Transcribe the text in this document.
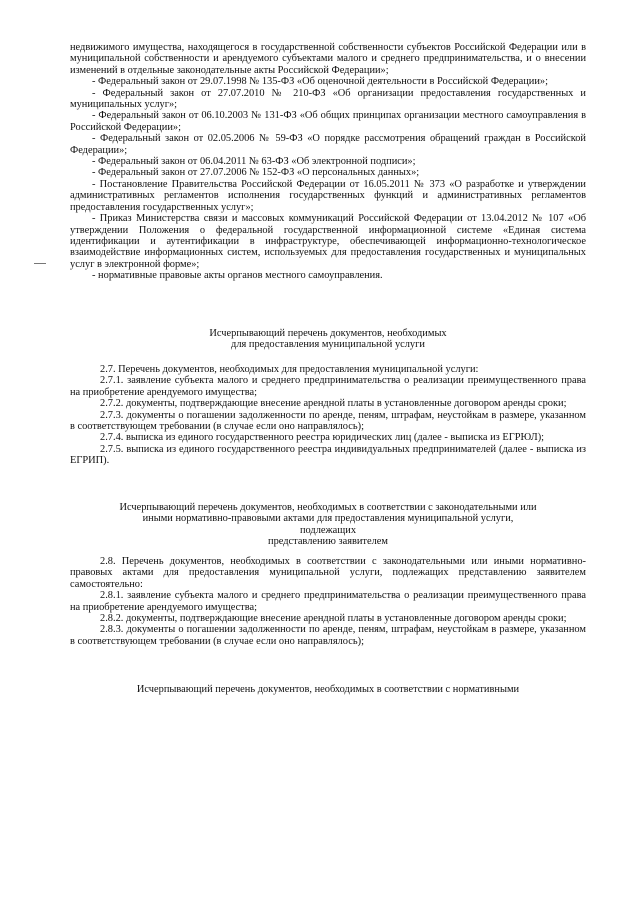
недвижимого имущества, находящегося в государственной собственности субъектов Российской Федерации или в муниципальной собственности и арендуемого субъектами малого и среднего предпринимательства, и о внесении изменений в отдельные законодательные акты Российской Федерации»;

- Федеральный закон от 29.07.1998 № 135-ФЗ «Об оценочной деятельности в Российской Федерации»;

- Федеральный закон от 27.07.2010 № 210-ФЗ «Об организации предоставления государственных и муниципальных услуг»;

- Федеральный закон от 06.10.2003 № 131-ФЗ «Об общих принципах организации местного самоуправления в Российской Федерации»;

- Федеральный закон от 02.05.2006 № 59-ФЗ «О порядке рассмотрения обращений граждан в Российской Федерации»;

- Федеральный закон от 06.04.2011 № 63-ФЗ «Об электронной подписи»;

- Федеральный закон от 27.07.2006 № 152-ФЗ «О персональных данных»;

- Постановление Правительства Российской Федерации от 16.05.2011 № 373 «О разработке и утверждении административных регламентов исполнения государственных функций и административных регламентов предоставления государственных услуг»;

- Приказ Министерства связи и массовых коммуникаций Российской Федерации от 13.04.2012 № 107 «Об утверждении Положения о федеральной государственной информационной системе «Единая система идентификации и аутентификации в инфраструктуре, обеспечивающей информационно-технологическое взаимодействие информационных систем, используемых для предоставления государственных и муниципальных услуг в электронной форме»;

- нормативные правовые акты органов местного самоуправления.

Исчерпывающий перечень документов, необходимых

для предоставления муниципальной услуги

2.7. Перечень документов, необходимых для предоставления муниципальной услуги:

2.7.1. заявление субъекта малого и среднего предпринимательства о реализации преимущественного права на приобретение арендуемого имущества;

2.7.2. документы, подтверждающие внесение арендной платы в установленные договором аренды сроки;

2.7.3. документы о погашении задолженности по аренде, пеням, штрафам, неустойкам в размере, указанном в соответствующем требовании (в случае если оно направлялось);

2.7.4. выписка из единого государственного реестра юридических лиц (далее - выписка из ЕГРЮЛ);

2.7.5. выписка из единого государственного реестра индивидуальных предпринимателей (далее - выписка из ЕГРИП).

Исчерпывающий перечень документов, необходимых в соответствии с законодательными или

иными нормативно-правовыми актами для предоставления муниципальной услуги,

подлежащих

представлению заявителем

2.8. Перечень документов, необходимых в соответствии с законодательными или иными нормативно-правовых актами для предоставления муниципальной услуги, подлежащих представлению заявителем самостоятельно:

2.8.1. заявление субъекта малого и среднего предпринимательства о реализации преимущественного права на приобретение арендуемого имущества;

2.8.2. документы, подтверждающие внесение арендной платы в установленные договором аренды сроки;

2.8.3. документы о погашении задолженности по аренде, пеням, штрафам, неустойкам в размере, указанном в соответствующем требовании (в случае если оно направлялось);

Исчерпывающий перечень документов, необходимых в соответствии с нормативными
